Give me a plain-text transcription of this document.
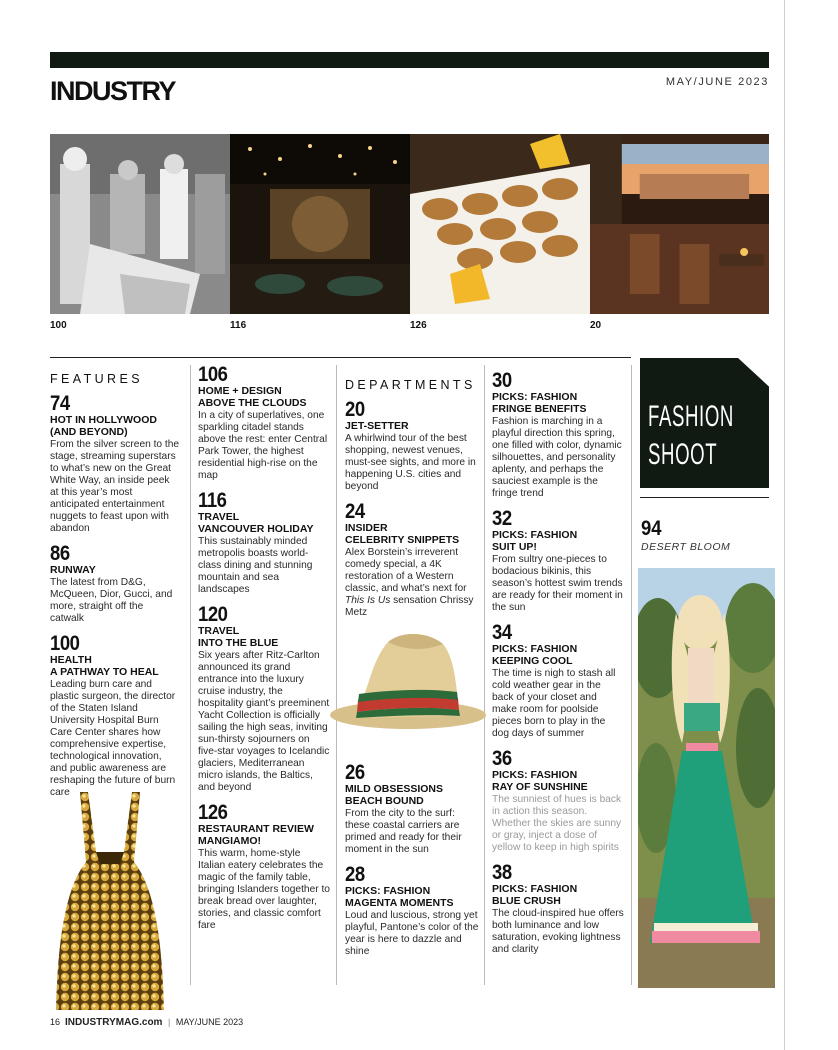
INDUSTRY	MAY/JUNE 2023
100	116	126	20
FEATURES
74
HOT IN HOLLYWOOD (AND BEYOND)
From the silver screen to the stage, streaming superstars to what’s new on the Great White Way, an inside peek at this year’s most anticipated entertainment nuggets to feast upon with abandon
86
RUNWAY
The latest from D&G, McQueen, Dior, Gucci, and more, straight off the catwalk
100
HEALTH
A PATHWAY TO HEAL
Leading burn care and plastic surgeon, the director of the Staten Island University Hospital Burn Care Center shares how comprehensive expertise, technological innovation, and public awareness are reshaping the future of burn care
106
HOME + DESIGN
ABOVE THE CLOUDS
In a city of superlatives, one sparkling citadel stands above the rest: enter Central Park Tower, the highest residential high-rise on the map
116
TRAVEL
VANCOUVER HOLIDAY
This sustainably minded metropolis boasts world-class dining and stunning mountain and sea landscapes
120
TRAVEL
INTO THE BLUE
Six years after Ritz-Carlton announced its grand entrance into the luxury cruise industry, the hospitality giant’s preeminent Yacht Collection is officially sailing the high seas, inviting sun-thirsty sojourners on five-star voyages to Icelandic glaciers, Mediterranean micro islands, the Baltics, and beyond
126
RESTAURANT REVIEW
MANGIAMO!
This warm, home-style Italian eatery celebrates the magic of the family table, bringing Islanders together to break bread over laughter, stories, and classic comfort fare
DEPARTMENTS
20
JET-SETTER
A whirlwind tour of the best shopping, newest venues, must-see sights, and more in happening U.S. cities and beyond
24
INSIDER
CELEBRITY SNIPPETS
Alex Borstein’s irreverent comedy special, a 4K restoration of a Western classic, and what’s next for This Is Us sensation Chrissy Metz
26
MILD OBSESSIONS
BEACH BOUND
From the city to the surf: these coastal carriers are primed and ready for their moment in the sun
28
PICKS: FASHION
MAGENTA MOMENTS
Loud and luscious, strong yet playful, Pantone’s color of the year is here to dazzle and shine
30
PICKS: FASHION
FRINGE BENEFITS
Fashion is marching in a playful direction this spring, one filled with color, dynamic silhouettes, and personality aplenty, and perhaps the sauciest example is the fringe trend
32
PICKS: FASHION
SUIT UP!
From sultry one-pieces to bodacious bikinis, this season’s hottest swim trends are ready for their moment in the sun
34
PICKS: FASHION
KEEPING COOL
The time is nigh to stash all cold weather gear in the back of your closet and make room for poolside pieces born to play in the dog days of summer
36
PICKS: FASHION
RAY OF SUNSHINE
The sunniest of hues is back in action this season. Whether the skies are sunny or gray, inject a dose of yellow to keep in high spirits
38
PICKS: FASHION
BLUE CRUSH
The cloud-inspired hue offers both luminance and low saturation, evoking lightness and clarity
FASHION
SHOOT
94
DESERT BLOOM
16 INDUSTRYMAG.com | MAY/JUNE 2023
